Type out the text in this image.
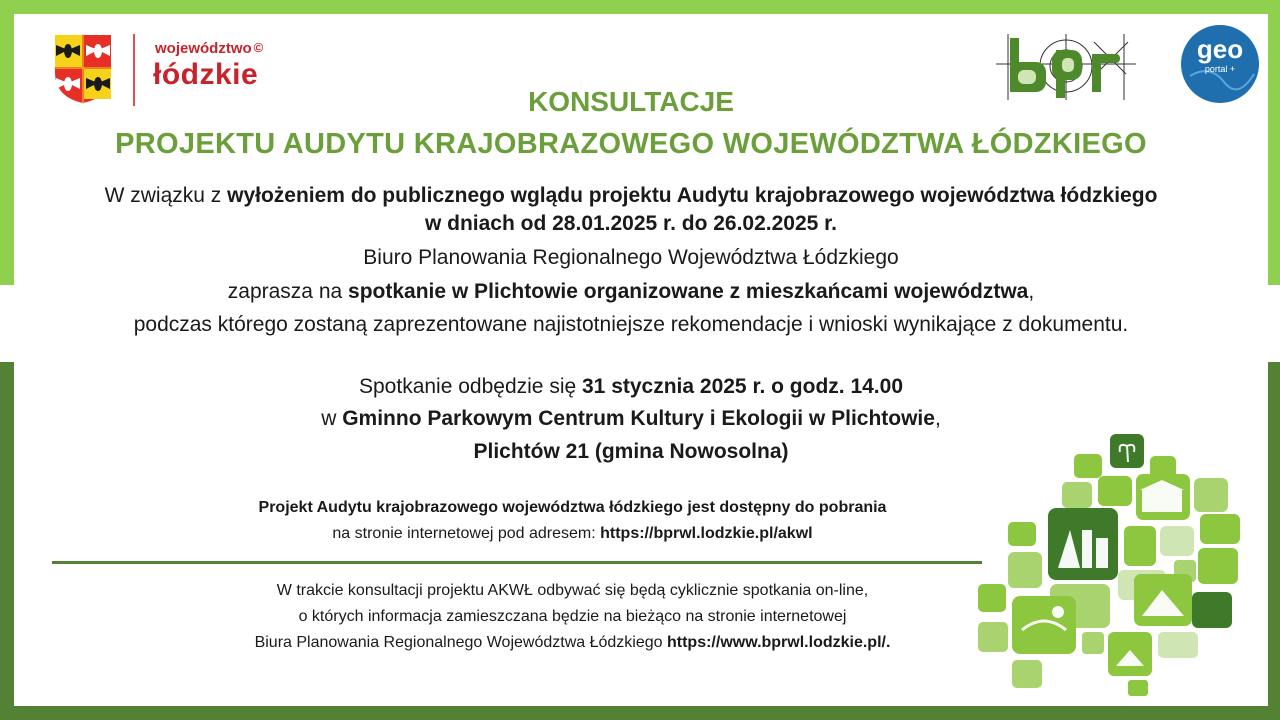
województwo ©
łódzkie
geo
portal +
KONSULTACJE
PROJEKTU AUDYTU KRAJOBRAZOWEGO WOJEWÓDZTWA ŁÓDZKIEGO
W związku z wyłożeniem do publicznego wglądu projektu Audytu krajobrazowego województwa łódzkiego
w dniach od 28.01.2025 r. do 26.02.2025 r.
Biuro Planowania Regionalnego Województwa Łódzkiego
zaprasza na spotkanie w Plichtowie organizowane z mieszkańcami województwa,
podczas którego zostaną zaprezentowane najistotniejsze rekomendacje i wnioski wynikające z dokumentu.
Spotkanie odbędzie się 31 stycznia 2025 r. o godz. 14.00
w Gminno Parkowym Centrum Kultury i Ekologii w Plichtowie,
Plichtów 21 (gmina Nowosolna)
Projekt Audytu krajobrazowego województwa łódzkiego jest dostępny do pobrania
na stronie internetowej pod adresem: https://bprwl.lodzkie.pl/akwl
W trakcie konsultacji projektu AKWŁ odbywać się będą cyklicznie spotkania on-line,
o których informacja zamieszczana będzie na bieżąco na stronie internetowej
Biura Planowania Regionalnego Województwa Łódzkiego https://www.bprwl.lodzkie.pl/.
